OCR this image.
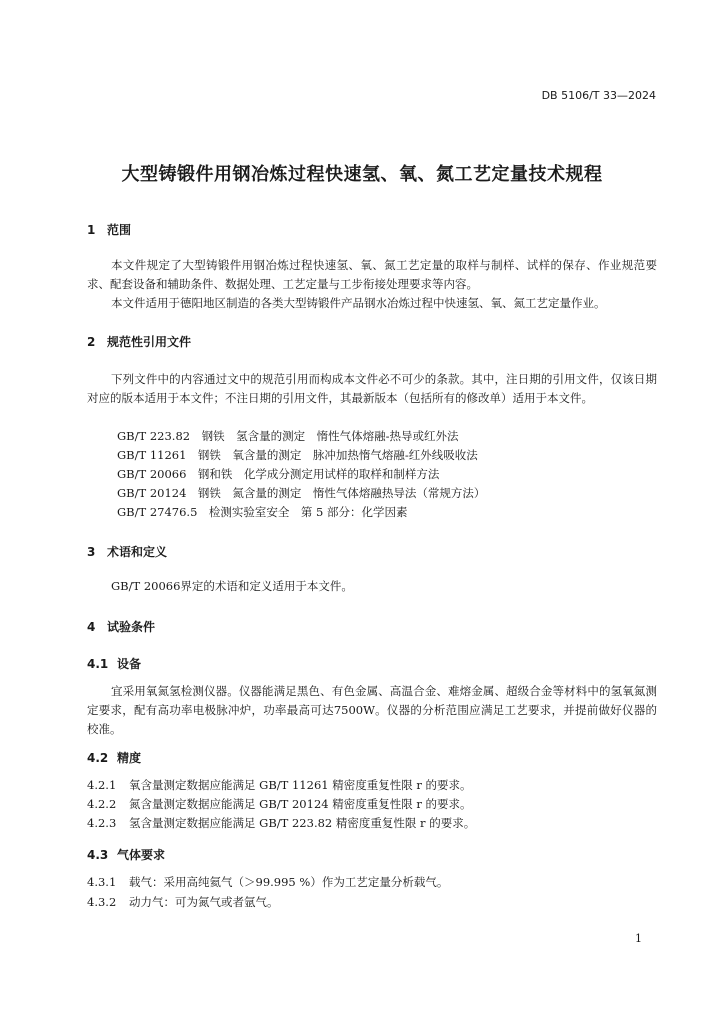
DB 5106/T 33—2024
大型铸锻件用钢冶炼过程快速氢、氧、氮工艺定量技术规程
1 范围
本文件规定了大型铸锻件用钢冶炼过程快速氢、氧、氮工艺定量的取样与制样、试样的保存、作业规范要求、配套设备和辅助条件、数据处理、工艺定量与工步衔接处理要求等内容。
本文件适用于德阳地区制造的各类大型铸锻件产品钢水冶炼过程中快速氢、氧、氮工艺定量作业。
2 规范性引用文件
下列文件中的内容通过文中的规范引用而构成本文件必不可少的条款。其中，注日期的引用文件，仅该日期对应的版本适用于本文件；不注日期的引用文件，其最新版本（包括所有的修改单）适用于本文件。
GB/T 223.82　钢铁　氢含量的测定　惰性气体熔融-热导或红外法
GB/T 11261　钢铁　氧含量的测定　脉冲加热惰气熔融-红外线吸收法
GB/T 20066　钢和铁　化学成分测定用试样的取样和制样方法
GB/T 20124　钢铁　氮含量的测定　惰性气体熔融热导法（常规方法）
GB/T 27476.5　检测实验室安全　第 5 部分：化学因素
3 术语和定义
GB/T 20066界定的术语和定义适用于本文件。
4 试验条件
4.1 设备
宜采用氧氮氢检测仪器。仪器能满足黑色、有色金属、高温合金、难熔金属、超级合金等材料中的氢氧氮测定要求，配有高功率电极脉冲炉，功率最高可达7500W。仪器的分析范围应满足工艺要求，并提前做好仪器的校准。
4.2 精度
4.2.1 氧含量测定数据应能满足 GB/T 11261 精密度重复性限 r 的要求。
4.2.2 氮含量测定数据应能满足 GB/T 20124 精密度重复性限 r 的要求。
4.2.3 氢含量测定数据应能满足 GB/T 223.82 精密度重复性限 r 的要求。
4.3 气体要求
4.3.1 载气：采用高纯氦气（＞99.995 %）作为工艺定量分析载气。
4.3.2 动力气：可为氮气或者氩气。
1
